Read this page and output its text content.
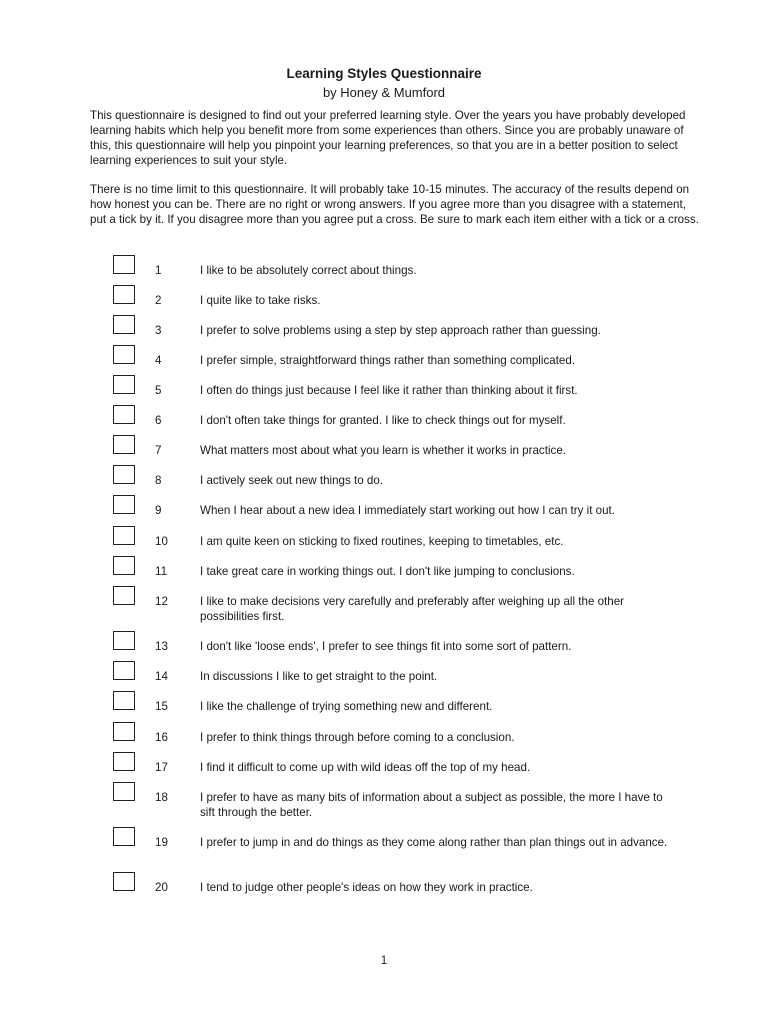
Learning Styles Questionnaire
by Honey & Mumford

This questionnaire is designed to find out your preferred learning style. Over the years you have probably developed learning habits which help you benefit more from some experiences than others. Since you are probably unaware of this, this questionnaire will help you pinpoint your learning preferences, so that you are in a better position to select learning experiences to suit your style.

There is no time limit to this questionnaire. It will probably take 10-15 minutes. The accuracy of the results depend on how honest you can be. There are no right or wrong answers. If you agree more than you disagree with a statement, put a tick by it. If you disagree more than you agree put a cross. Be sure to mark each item either with a tick or a cross.

1	I like to be absolutely correct about things.
2	I quite like to take risks.
3	I prefer to solve problems using a step by step approach rather than guessing.
4	I prefer simple, straightforward things rather than something complicated.
5	I often do things just because I feel like it rather than thinking about it first.
6	I don't often take things for granted. I like to check things out for myself.
7	What matters most about what you learn is whether it works in practice.
8	I actively seek out new things to do.
9	When I hear about a new idea I immediately start working out how I can try it out.
10	I am quite keen on sticking to fixed routines, keeping to timetables, etc.
11	I take great care in working things out. I don't like jumping to conclusions.
12	I like to make decisions very carefully and preferably after weighing up all the other possibilities first.
13	I don't like 'loose ends', I prefer to see things fit into some sort of pattern.
14	In discussions I like to get straight to the point.
15	I like the challenge of trying something new and different.
16	I prefer to think things through before coming to a conclusion.
17	I find it difficult to come up with wild ideas off the top of my head.
18	I prefer to have as many bits of information about a subject as possible, the more I have to sift through the better.
19	I prefer to jump in and do things as they come along rather than plan things out in advance.
20	I tend to judge other people's ideas on how they work in practice.
1
